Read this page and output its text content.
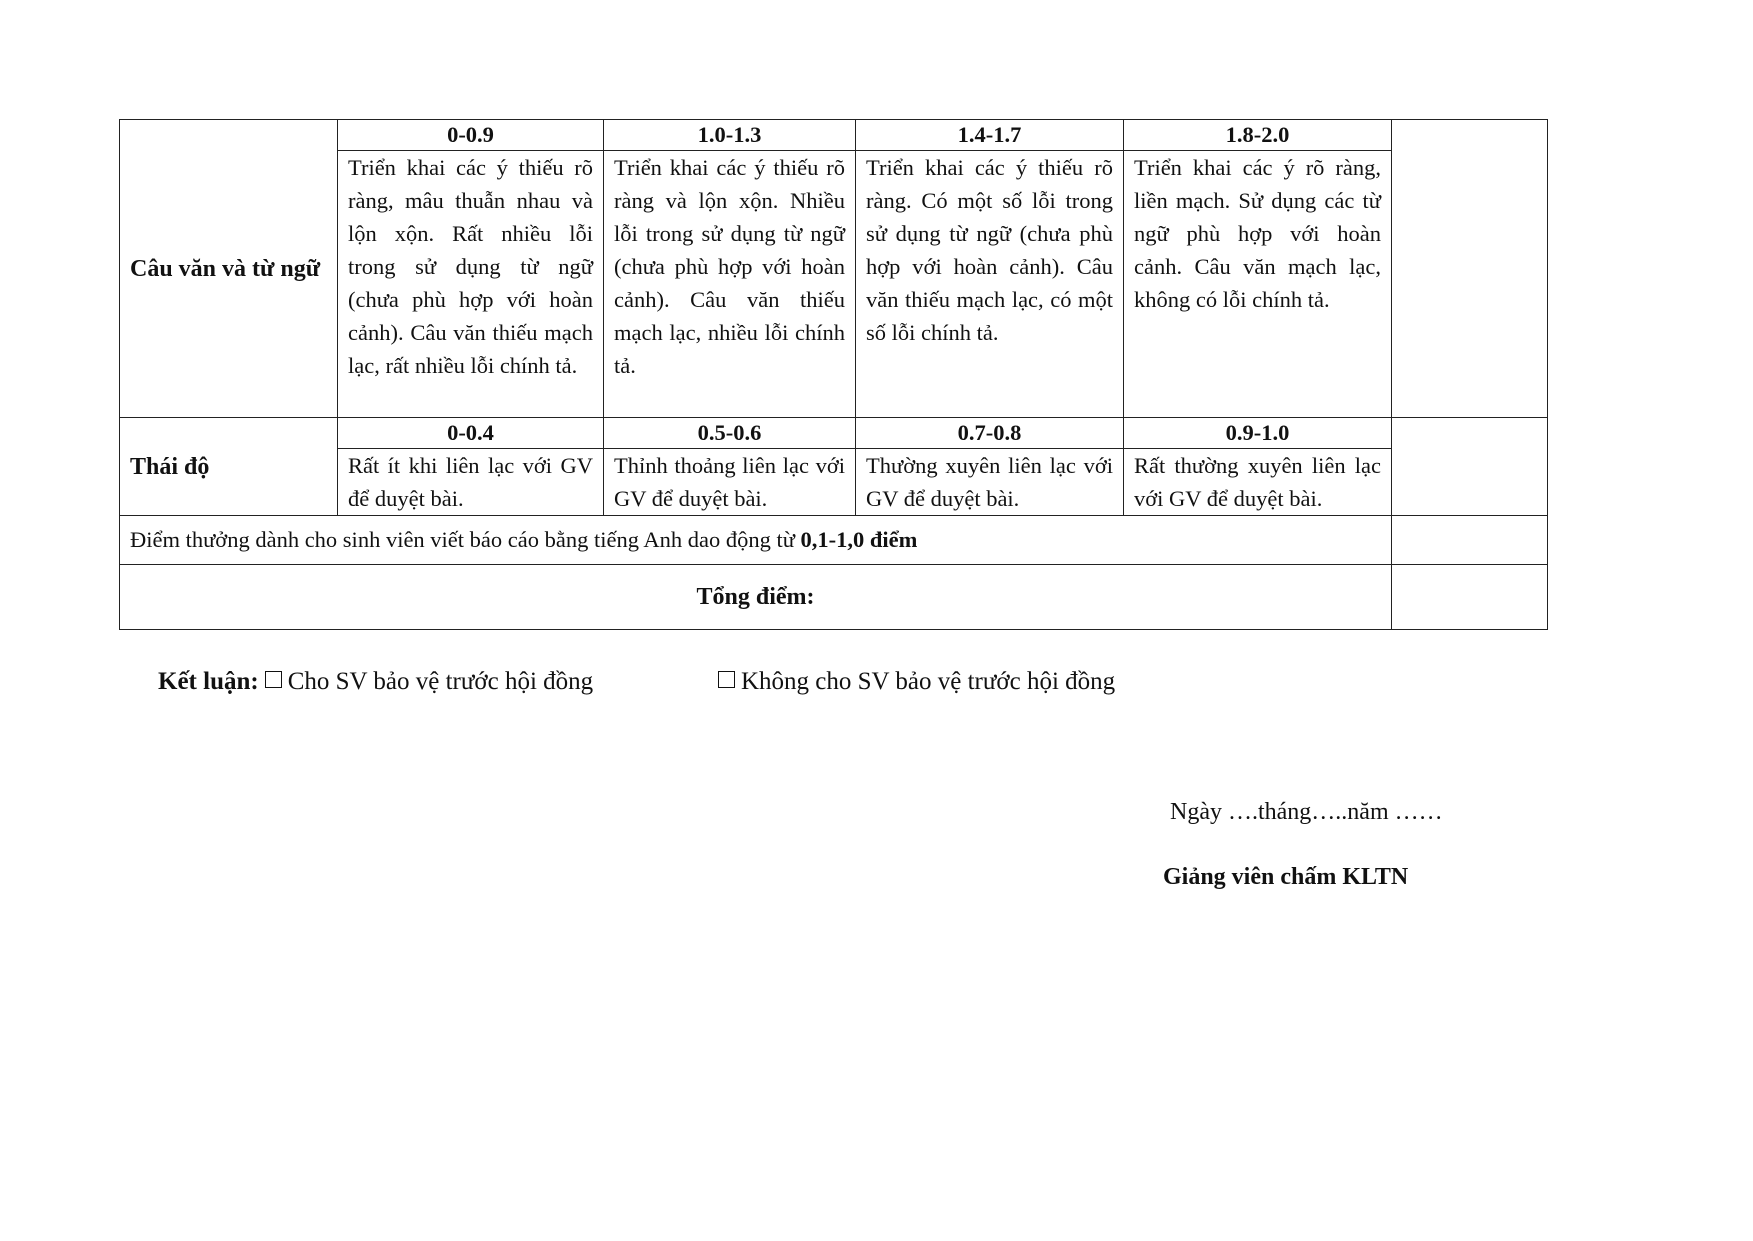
Câu văn và từ ngữ	0-0.9	1.0-1.3	1.4-1.7	1.8-2.0	
	Triển khai các ý thiếu rõ ràng, mâu thuẫn nhau và lộn xộn. Rất nhiều lỗi trong sử dụng từ ngữ (chưa phù hợp với hoàn cảnh). Câu văn thiếu mạch lạc, rất nhiều lỗi chính tả.	Triển khai các ý thiếu rõ ràng và lộn xộn. Nhiều lỗi trong sử dụng từ ngữ (chưa phù hợp với hoàn cảnh). Câu văn thiếu mạch lạc, nhiều lỗi chính tả.	Triển khai các ý thiếu rõ ràng. Có một số lỗi trong sử dụng từ ngữ (chưa phù hợp với hoàn cảnh). Câu văn thiếu mạch lạc, có một số lỗi chính tả.	Triển khai các ý rõ ràng, liền mạch. Sử dụng các từ ngữ phù hợp với hoàn cảnh. Câu văn mạch lạc, không có lỗi chính tả.	
Thái độ	0-0.4	0.5-0.6	0.7-0.8	0.9-1.0	
	Rất ít khi liên lạc với GV để duyệt bài.	Thỉnh thoảng liên lạc với GV để duyệt bài.	Thường xuyên liên lạc với GV để duyệt bài.	Rất thường xuyên liên lạc với GV để duyệt bài.	
Điểm thưởng dành cho sinh viên viết báo cáo bằng tiếng Anh dao động từ 0,1-1,0 điểm					
Tổng điểm:					
Kết luận: Cho SV bảo vệ trước hội đồng	Không cho SV bảo vệ trước hội đồng
Ngày ….tháng…..năm ……
Giảng viên chấm KLTN
